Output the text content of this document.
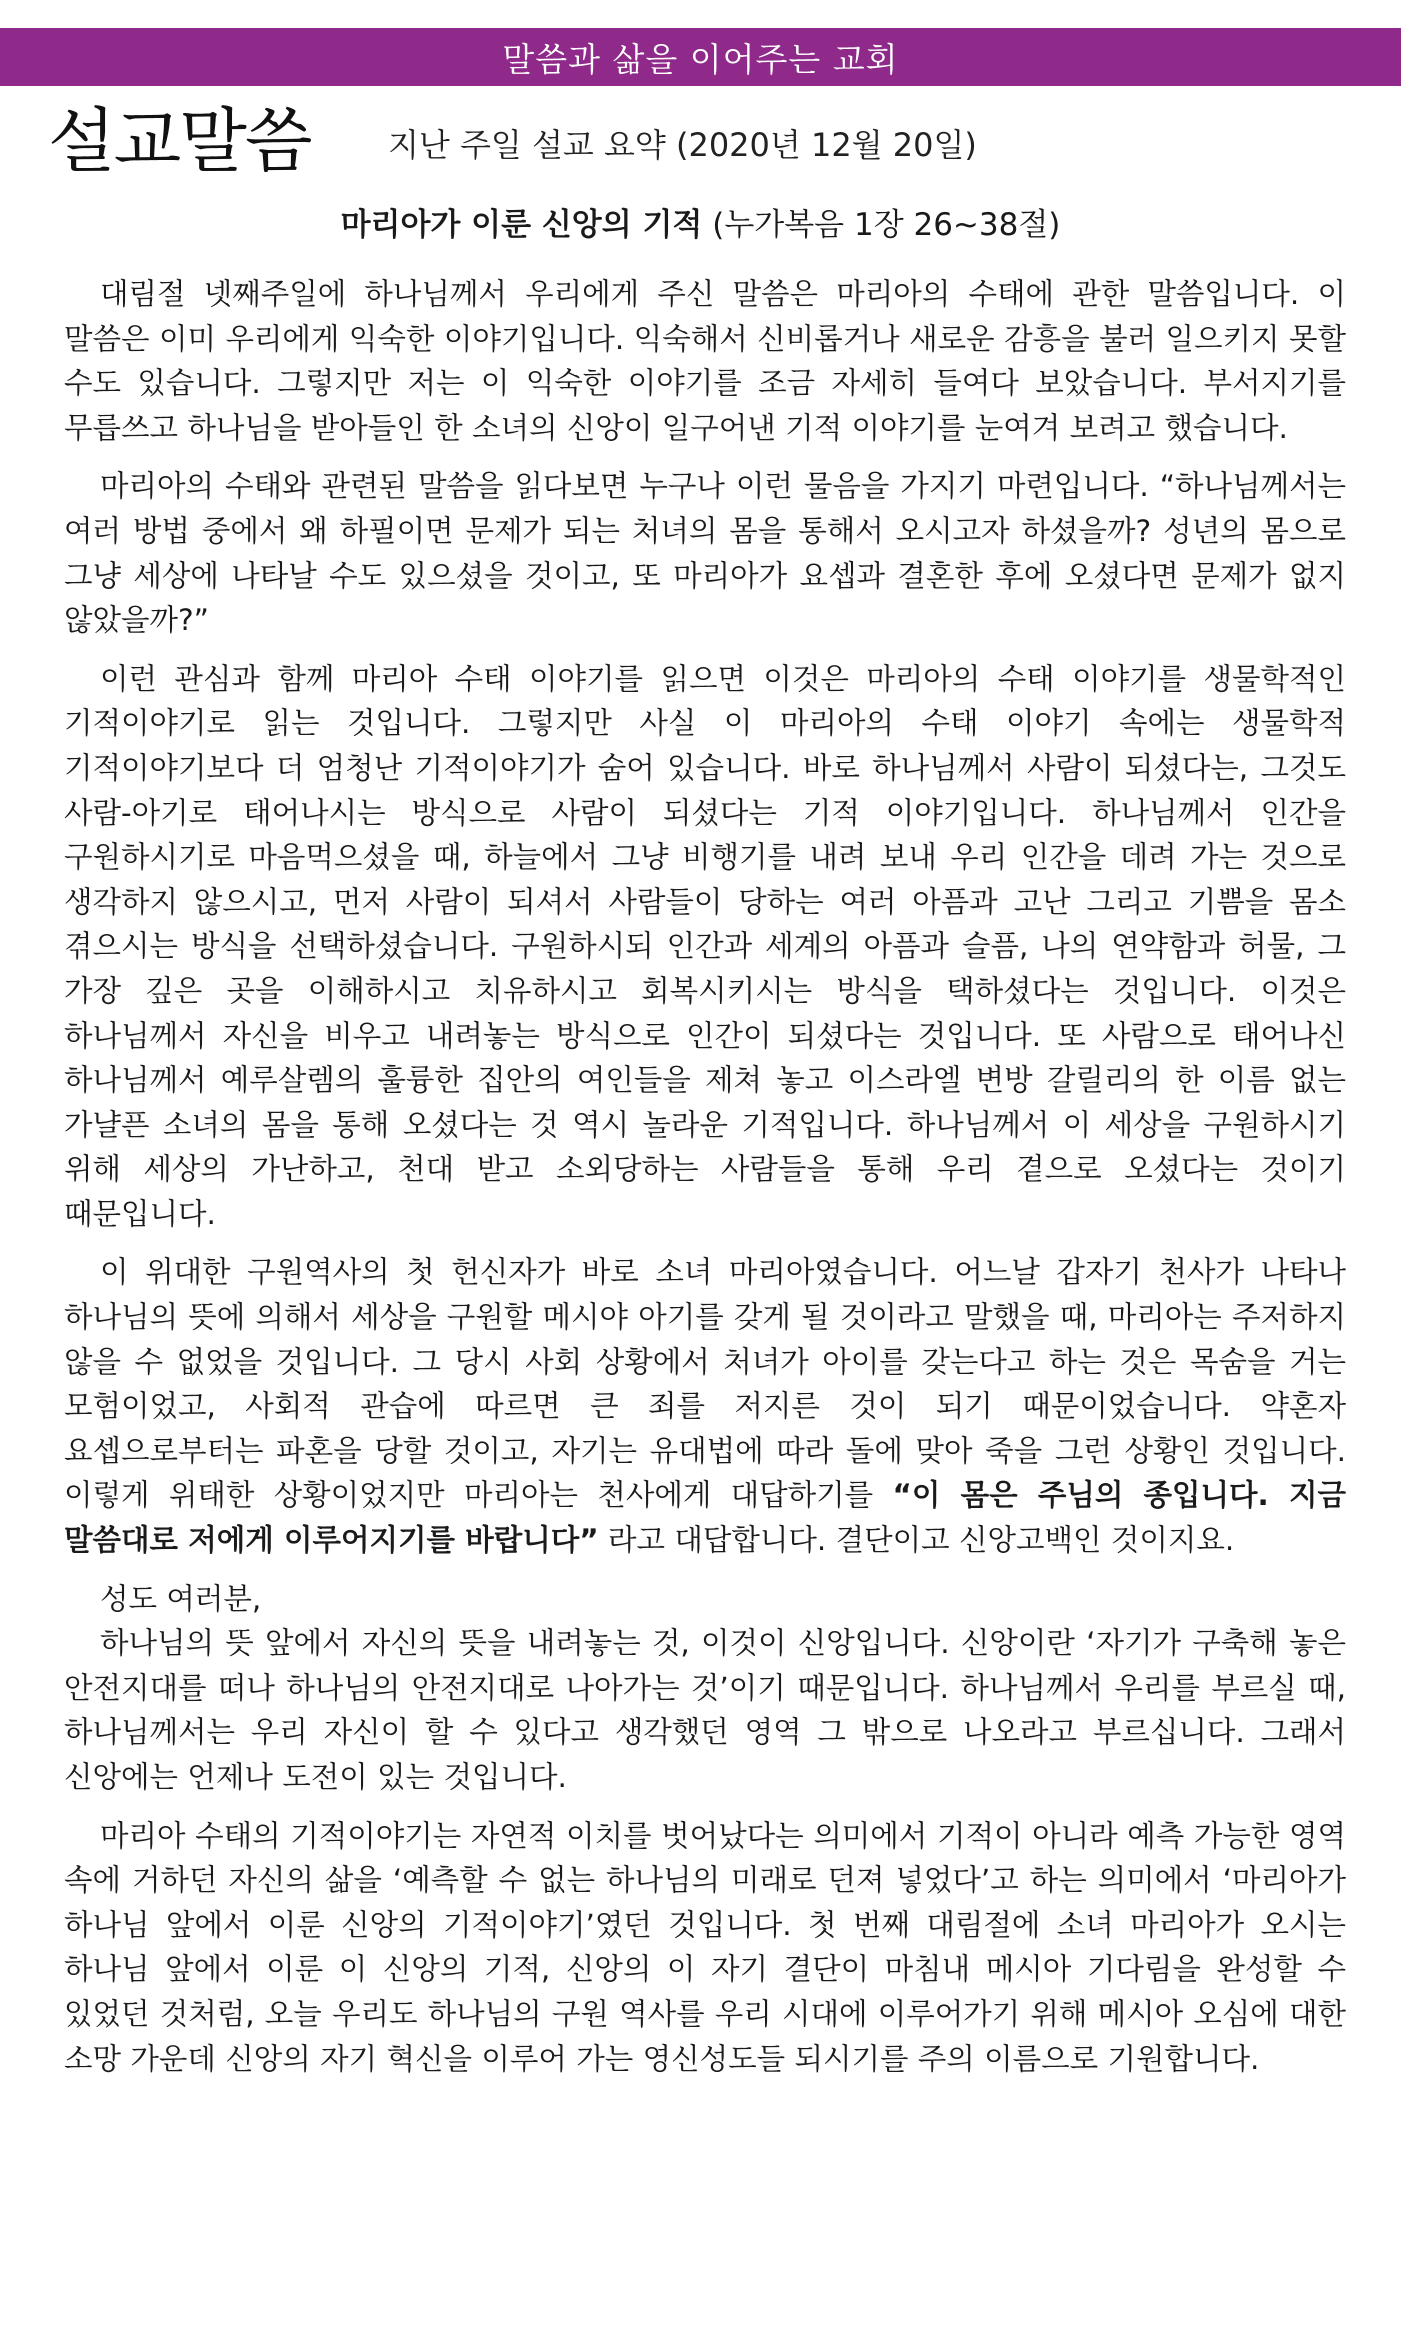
말씀과 삶을 이어주는 교회
설교말씀 지난 주일 설교 요약 (2020년 12월 20일)
마리아가 이룬 신앙의 기적 (누가복음 1장 26~38절)

대림절 넷째주일에 하나님께서 우리에게 주신 말씀은 마리아의 수태에 관한 말씀입니다. 이 말씀은 이미 우리에게 익숙한 이야기입니다. 익숙해서 신비롭거나 새로운 감흥을 불러 일으키지 못할 수도 있습니다. 그렇지만 저는 이 익숙한 이야기를 조금 자세히 들여다 보았습니다. 부서지기를 무릅쓰고 하나님을 받아들인 한 소녀의 신앙이 일구어낸 기적 이야기를 눈여겨 보려고 했습니다.

마리아의 수태와 관련된 말씀을 읽다보면 누구나 이런 물음을 가지기 마련입니다. “하나님께서는 여러 방법 중에서 왜 하필이면 문제가 되는 처녀의 몸을 통해서 오시고자 하셨을까? 성년의 몸으로 그냥 세상에 나타날 수도 있으셨을 것이고, 또 마리아가 요셉과 결혼한 후에 오셨다면 문제가 없지 않았을까?”

이런 관심과 함께 마리아 수태 이야기를 읽으면 이것은 마리아의 수태 이야기를 생물학적인 기적이야기로 읽는 것입니다. 그렇지만 사실 이 마리아의 수태 이야기 속에는 생물학적 기적이야기보다 더 엄청난 기적이야기가 숨어 있습니다. 바로 하나님께서 사람이 되셨다는, 그것도 사람-아기로 태어나시는 방식으로 사람이 되셨다는 기적 이야기입니다. 하나님께서 인간을 구원하시기로 마음먹으셨을 때, 하늘에서 그냥 비행기를 내려 보내 우리 인간을 데려 가는 것으로 생각하지 않으시고, 먼저 사람이 되셔서 사람들이 당하는 여러 아픔과 고난 그리고 기쁨을 몸소 겪으시는 방식을 선택하셨습니다. 구원하시되 인간과 세계의 아픔과 슬픔, 나의 연약함과 허물, 그 가장 깊은 곳을 이해하시고 치유하시고 회복시키시는 방식을 택하셨다는 것입니다. 이것은 하나님께서 자신을 비우고 내려놓는 방식으로 인간이 되셨다는 것입니다. 또 사람으로 태어나신 하나님께서 예루살렘의 훌륭한 집안의 여인들을 제쳐 놓고 이스라엘 변방 갈릴리의 한 이름 없는 가냘픈 소녀의 몸을 통해 오셨다는 것 역시 놀라운 기적입니다. 하나님께서 이 세상을 구원하시기 위해 세상의 가난하고, 천대 받고 소외당하는 사람들을 통해 우리 곁으로 오셨다는 것이기 때문입니다.

이 위대한 구원역사의 첫 헌신자가 바로 소녀 마리아였습니다. 어느날 갑자기 천사가 나타나 하나님의 뜻에 의해서 세상을 구원할 메시야 아기를 갖게 될 것이라고 말했을 때, 마리아는 주저하지 않을 수 없었을 것입니다. 그 당시 사회 상황에서 처녀가 아이를 갖는다고 하는 것은 목숨을 거는 모험이었고, 사회적 관습에 따르면 큰 죄를 저지른 것이 되기 때문이었습니다. 약혼자 요셉으로부터는 파혼을 당할 것이고, 자기는 유대법에 따라 돌에 맞아 죽을 그런 상황인 것입니다. 이렇게 위태한 상황이었지만 마리아는 천사에게 대답하기를 “이 몸은 주님의 종입니다. 지금 말씀대로 저에게 이루어지기를 바랍니다” 라고 대답합니다. 결단이고 신앙고백인 것이지요.

성도 여러분,

하나님의 뜻 앞에서 자신의 뜻을 내려놓는 것, 이것이 신앙입니다. 신앙이란 ‘자기가 구축해 놓은 안전지대를 떠나 하나님의 안전지대로 나아가는 것’이기 때문입니다. 하나님께서 우리를 부르실 때, 하나님께서는 우리 자신이 할 수 있다고 생각했던 영역 그 밖으로 나오라고 부르십니다. 그래서 신앙에는 언제나 도전이 있는 것입니다.

마리아 수태의 기적이야기는 자연적 이치를 벗어났다는 의미에서 기적이 아니라 예측 가능한 영역 속에 거하던 자신의 삶을 ‘예측할 수 없는 하나님의 미래로 던져 넣었다’고 하는 의미에서 ‘마리아가 하나님 앞에서 이룬 신앙의 기적이야기’였던 것입니다. 첫 번째 대림절에 소녀 마리아가 오시는 하나님 앞에서 이룬 이 신앙의 기적, 신앙의 이 자기 결단이 마침내 메시아 기다림을 완성할 수 있었던 것처럼, 오늘 우리도 하나님의 구원 역사를 우리 시대에 이루어가기 위해 메시아 오심에 대한 소망 가운데 신앙의 자기 혁신을 이루어 가는 영신성도들 되시기를 주의 이름으로 기원합니다.
